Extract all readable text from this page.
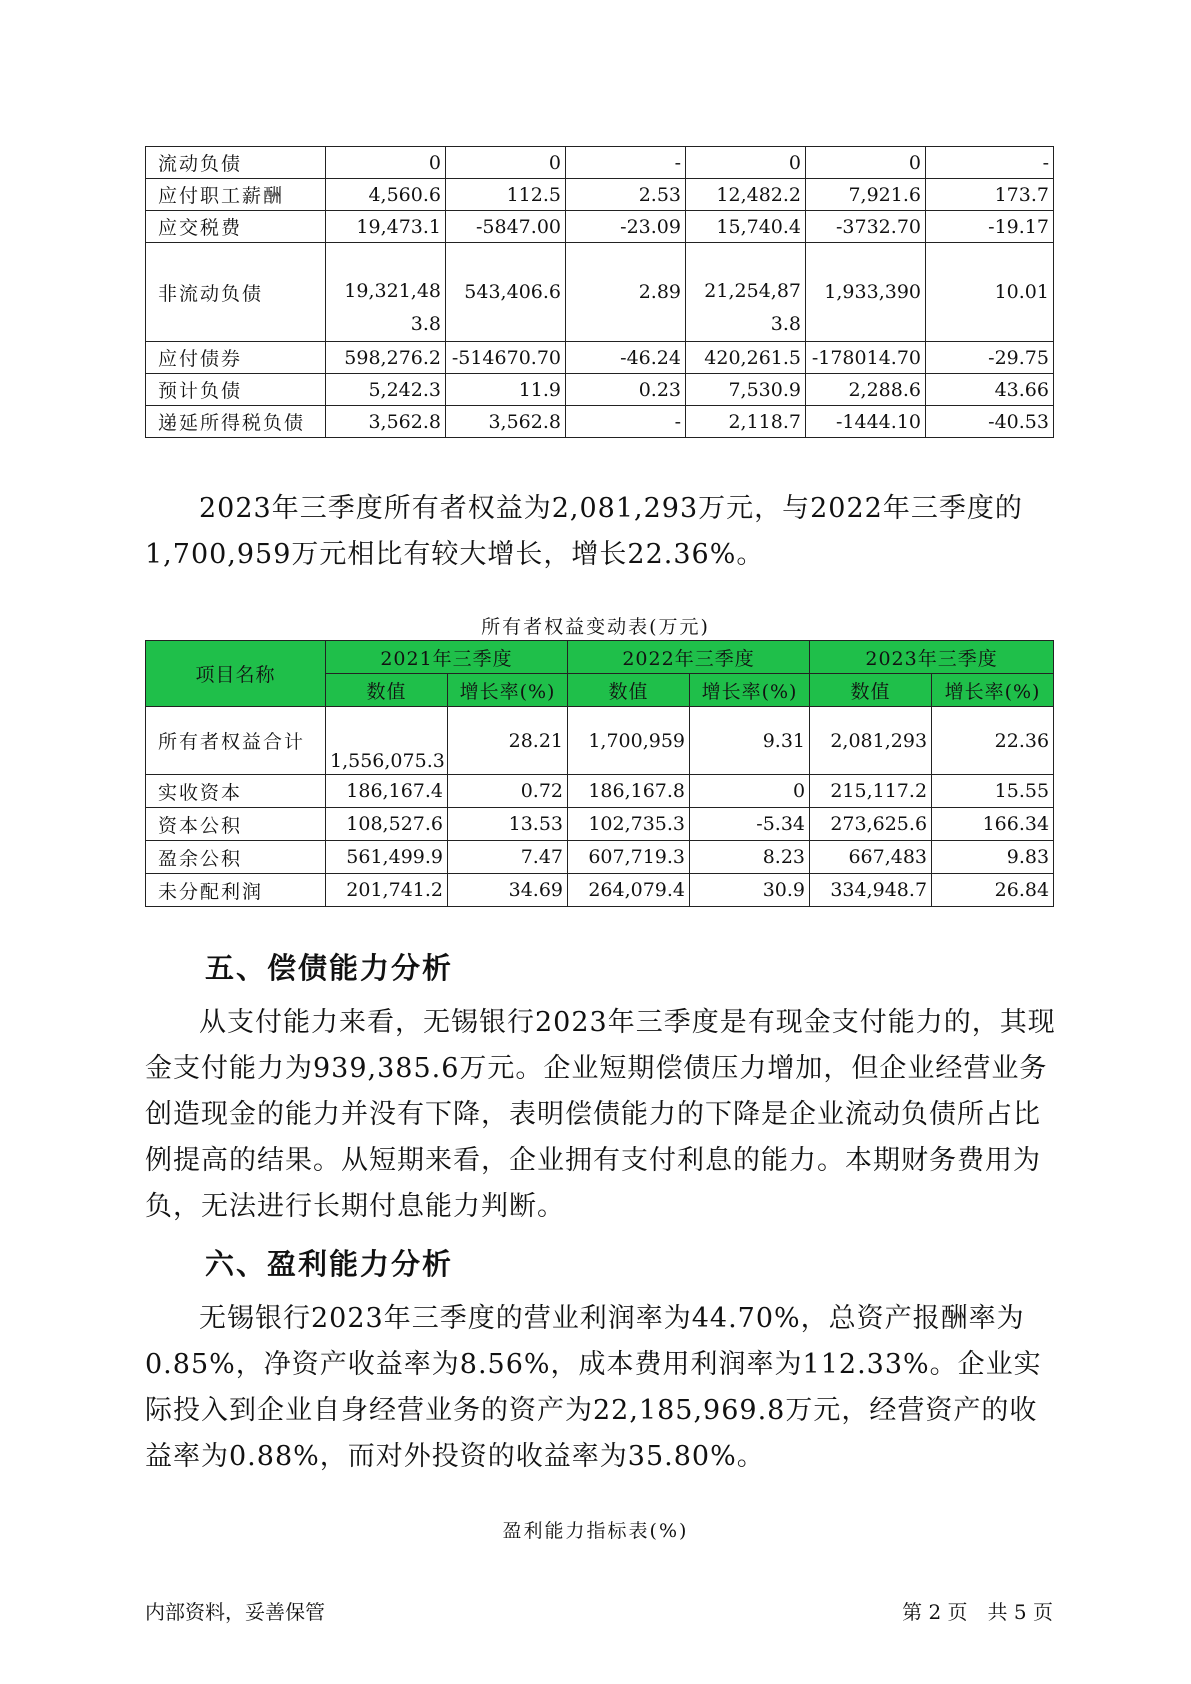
流动负债	0	0	-	0	0	-
应付职工薪酬	4,560.6	112.5	2.53	12,482.2	7,921.6	173.7
应交税费	19,473.1	-5847.00	-23.09	15,740.4	-3732.70	-19.17
非流动负债	19,321,483.8	543,406.6	2.89	21,254,873.8	1,933,390	10.01
应付债券	598,276.2	-514670.70	-46.24	420,261.5	-178014.70	-29.75
预计负债	5,242.3	11.9	0.23	7,530.9	2,288.6	43.66
递延所得税负债	3,562.8	3,562.8	-	2,118.7	-1444.10	-40.53

2023年三季度所有者权益为2,081,293万元，与2022年三季度的1,700,959万元相比有较大增长，增长22.36%。

所有者权益变动表(万元)

项目名称	2021年三季度		2022年三季度		2023年三季度	
	数值	增长率(%)	数值	增长率(%)	数值	增长率(%)
所有者权益合计	1,556,075.3	28.21	1,700,959	9.31	2,081,293	22.36
实收资本	186,167.4	0.72	186,167.8	0	215,117.2	15.55
资本公积	108,527.6	13.53	102,735.3	-5.34	273,625.6	166.34
盈余公积	561,499.9	7.47	607,719.3	8.23	667,483	9.83
未分配利润	201,741.2	34.69	264,079.4	30.9	334,948.7	26.84
五、偿债能力分析

从支付能力来看，无锡银行2023年三季度是有现金支付能力的，其现金支付能力为939,385.6万元。企业短期偿债压力增加，但企业经营业务创造现金的能力并没有下降，表明偿债能力的下降是企业流动负债所占比例提高的结果。从短期来看，企业拥有支付利息的能力。本期财务费用为负，无法进行长期付息能力判断。

六、盈利能力分析

无锡银行2023年三季度的营业利润率为44.70%，总资产报酬率为0.85%，净资产收益率为8.56%，成本费用利润率为112.33%。企业实际投入到企业自身经营业务的资产为22,185,969.8万元，经营资产的收益率为0.88%，而对外投资的收益率为35.80%。

盈利能力指标表(%)

内部资料，妥善保管	第 2 页　共 5 页
